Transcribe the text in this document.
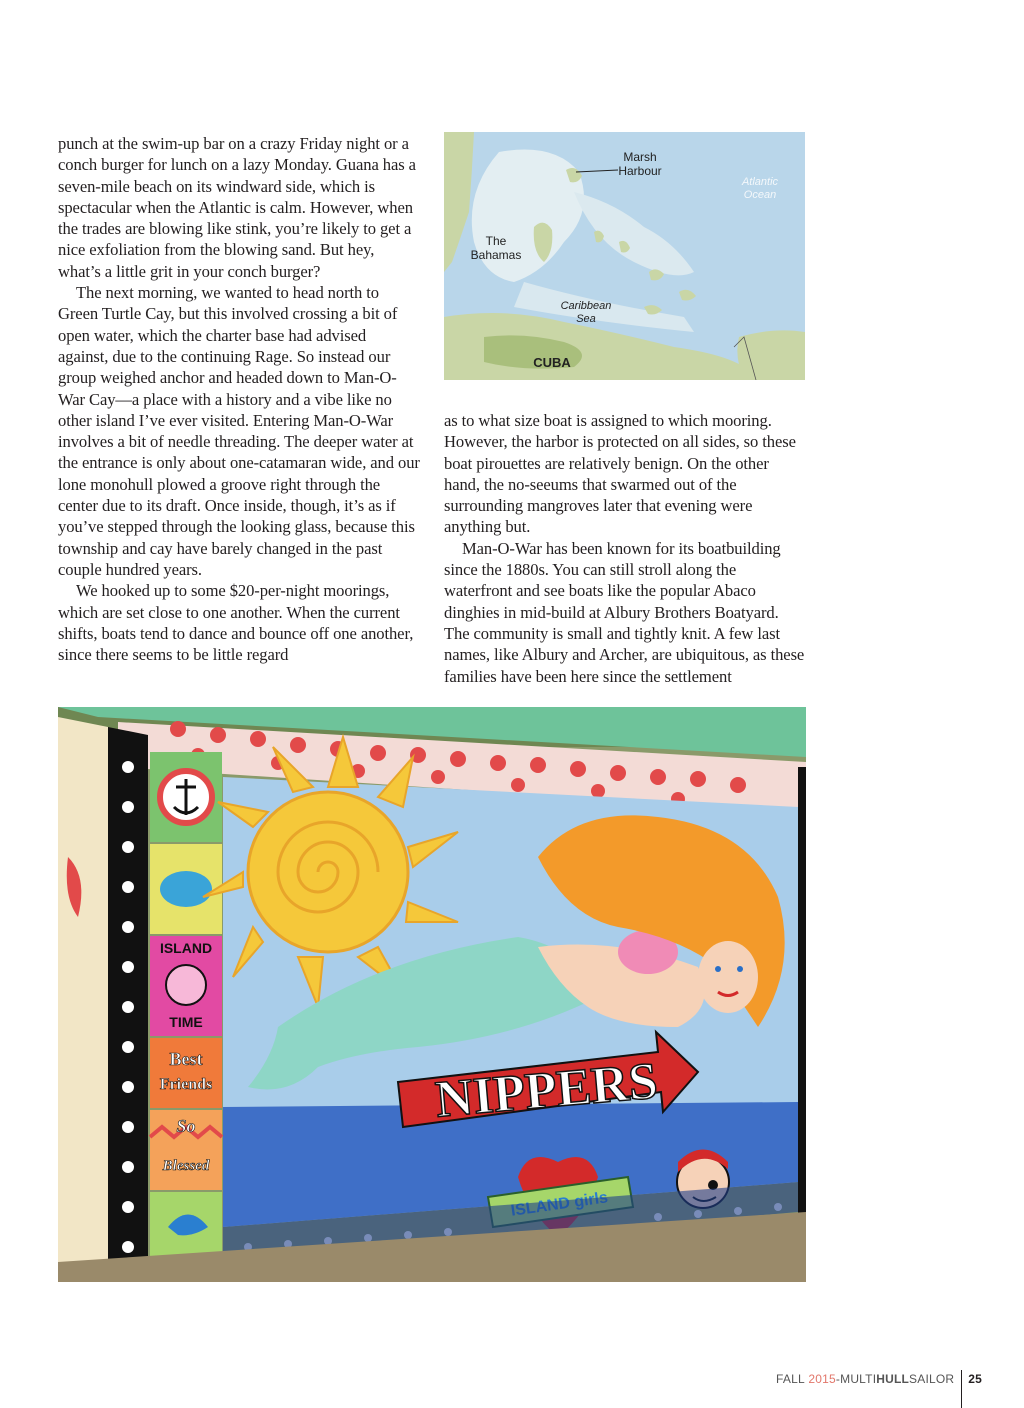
punch at the swim-up bar on a crazy Friday night or a conch burger for lunch on a lazy Monday. Guana has a seven-mile beach on its windward side, which is spectacular when the Atlantic is calm. However, when the trades are blowing like stink, you’re likely to get a nice exfoliation from the blowing sand. But hey, what’s a little grit in your conch burger?

The next morning, we wanted to head north to Green Turtle Cay, but this involved crossing a bit of open water, which the charter base had advised against, due to the continuing Rage. So instead our group weighed anchor and headed down to Man-O-War Cay—a place with a history and a vibe like no other island I’ve ever visited. Entering Man-O-War involves a bit of needle threading. The deeper water at the entrance is only about one-catamaran wide, and our lone monohull plowed a groove right through the center due to its draft. Once inside, though, it’s as if you’ve stepped through the looking glass, because this township and cay have barely changed in the past couple hundred years.

We hooked up to some $20-per-night moorings, which are set close to one another. When the current shifts, boats tend to dance and bounce off one another, since there seems to be little regard

Marsh
Harbour
Atlantic
Ocean
The
Bahamas
Caribbean
Sea
CUBA

as to what size boat is assigned to which mooring. However, the harbor is protected on all sides, so these boat pirouettes are relatively benign. On the other hand, the no-seeums that swarmed out of the surrounding mangroves later that evening were anything but.

Man-O-War has been known for its boatbuilding since the 1880s. You can still stroll along the waterfront and see boats like the popular Abaco dinghies in mid-build at Albury Brothers Boatyard. The community is small and tightly knit. A few last names, like Albury and Archer, are ubiquitous, as these families have been here since the settlement

ISLAND
TIME
Best
Friends
So
Blessed
NIPPERS
FALL
2015 - MULTI HULL SAILOR 25
